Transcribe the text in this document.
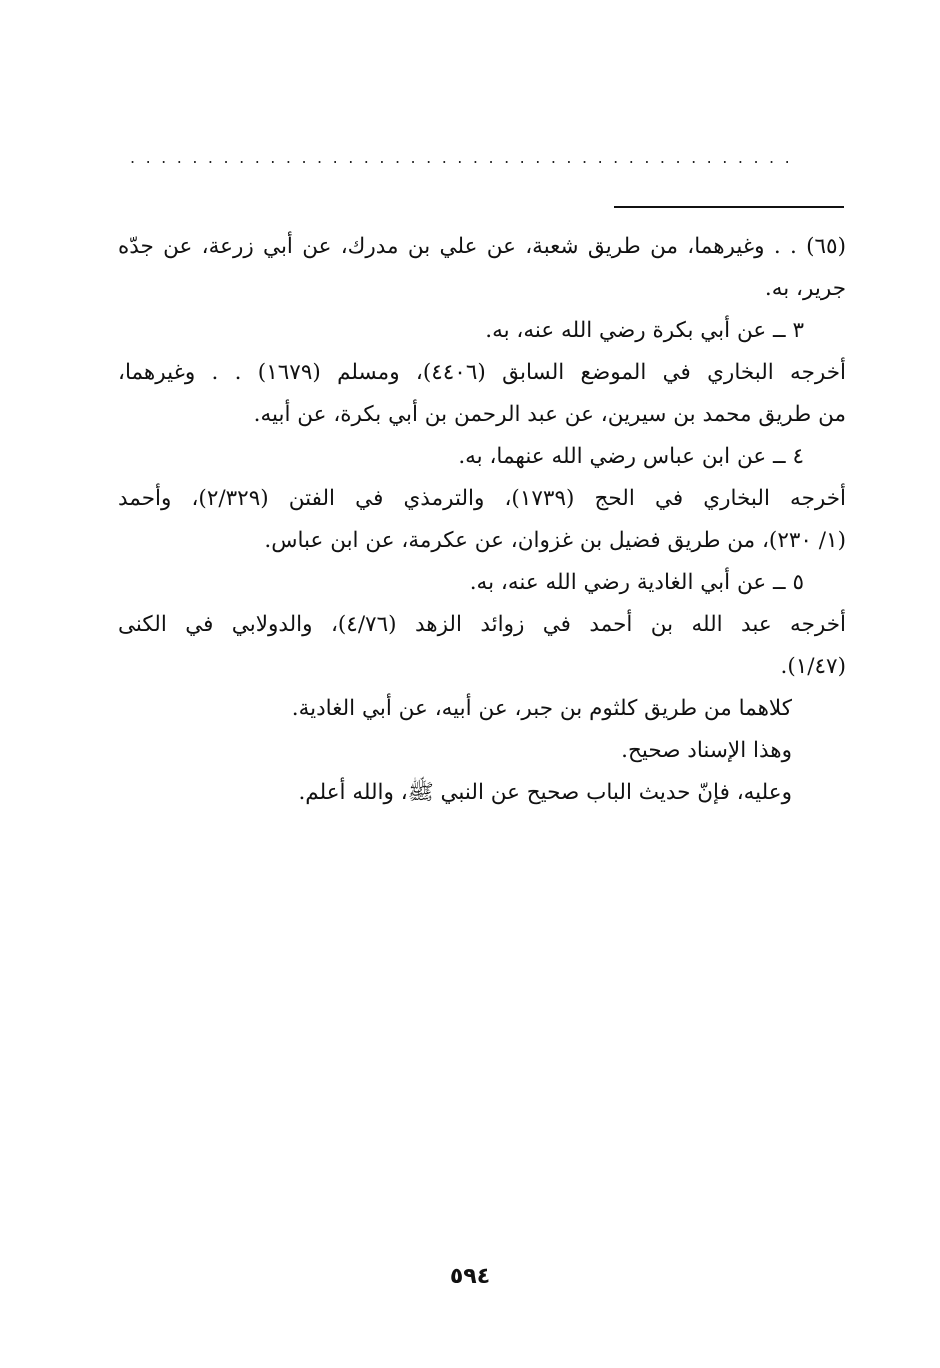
...........................................
(٦٥) . . وغيرهما، من طريق شعبة، عن علي بن مدرك، عن أبي زرعة، عن جدّه
جرير، به.
٣ ــ عن أبي بكرة رضي الله عنه، به.
أخرجه البخاري في الموضع السابق (٤٤٠٦)، ومسلم (١٦٧٩) . . وغيرهما،
من طريق محمد بن سيرين، عن عبد الرحمن بن أبي بكرة، عن أبيه.
٤ ــ عن ابن عباس رضي الله عنهما، به.
أخرجه البخاري في الحج (١٧٣٩)، والترمذي في الفتن (٢/٣٢٩)، وأحمد
(١/ ٢٣٠)، من طريق فضيل بن غزوان، عن عكرمة، عن ابن عباس.
٥ ــ عن أبي الغادية رضي الله عنه، به.
أخرجه عبد الله بن أحمد في زوائد الزهد (٤/٧٦)، والدولابي في الكنى
(١/٤٧).
كلاهما من طريق كلثوم بن جبر، عن أبيه، عن أبي الغادية.
وهذا الإسناد صحيح.
وعليه، فإنّ حديث الباب صحيح عن النبي ﷺ، والله أعلم.
٥٩٤
